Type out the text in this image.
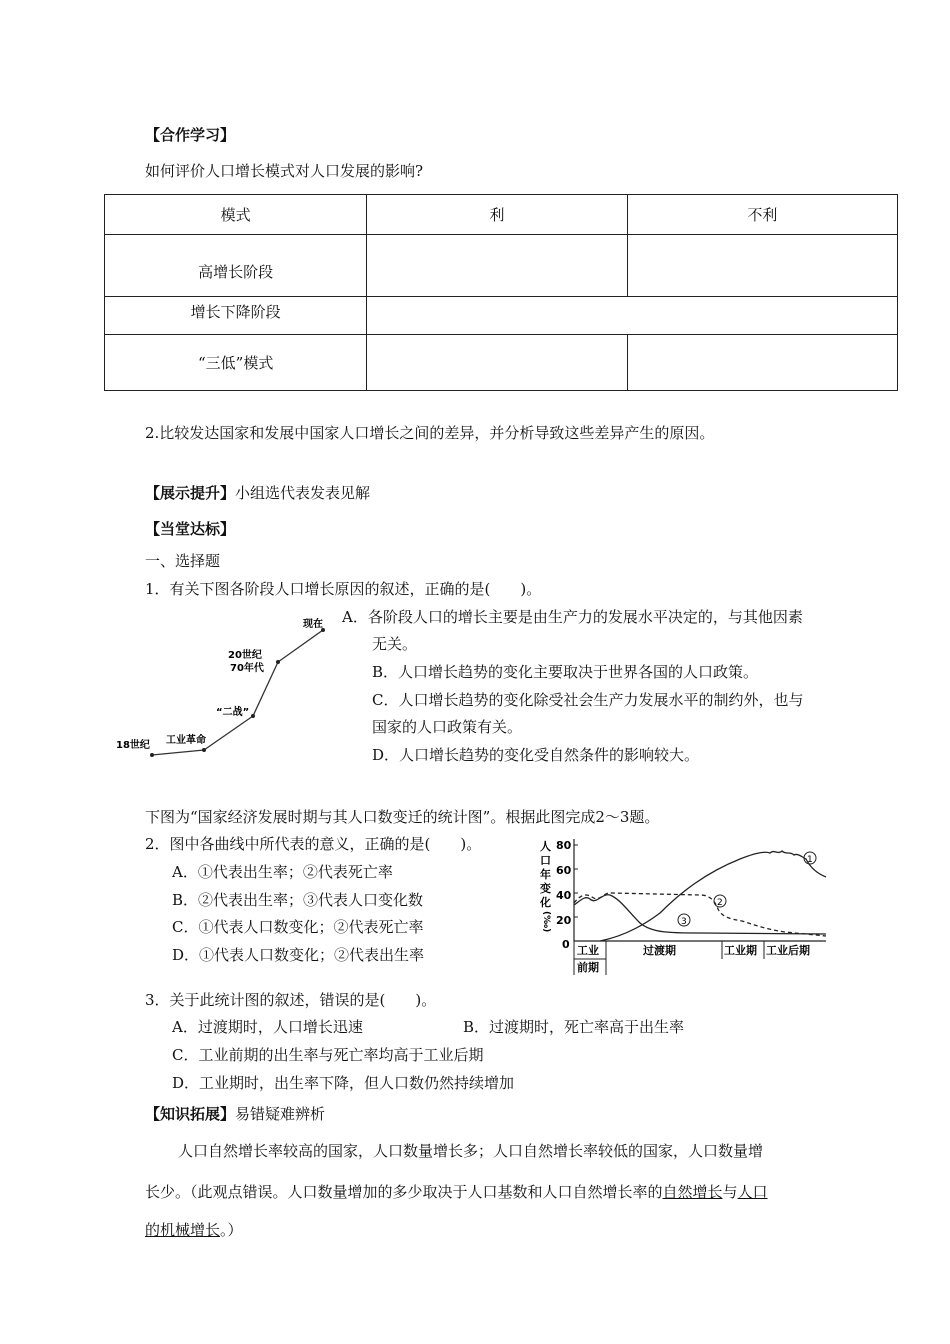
【合作学习】
如何评价人口增长模式对人口发展的影响?
模式	利	不利
高增长阶段		
增长下降阶段		
“三低”模式		
2.比较发达国家和发展中国家人口增长之间的差异，并分析导致这些差异产生的原因。
【展示提升】小组选代表发表见解
【当堂达标】
一、选择题
1．有关下图各阶段人口增长原因的叙述，正确的是(　　)。
现在
20世纪
70年代
“二战”
工业革命
18世纪
A．各阶段人口的增长主要是由生产力的发展水平决定的，与其他因素
无关。
B．人口增长趋势的变化主要取决于世界各国的人口政策。
C．人口增长趋势的变化除受社会生产力发展水平的制约外，也与
国家的人口政策有关。
D．人口增长趋势的变化受自然条件的影响较大。
下图为“国家经济发展时期与其人口数变迁的统计图”。根据此图完成2～3题。
2．图中各曲线中所代表的意义，正确的是(　　)。
A．①代表出生率；②代表死亡率
B．②代表出生率；③代表人口变化数
C．①代表人口数变化；②代表死亡率
D．①代表人口数变化；②代表出生率
人
口
年
变
化
(‰)
80
60
40
20
0
1
2
3
工业
前期
过渡期	工业期 工业后期
3．关于此统计图的叙述，错误的是(　　)。
A．过渡期时，人口增长迅速	B．过渡期时，死亡率高于出生率
C．工业前期的出生率与死亡率均高于工业后期
D．工业期时，出生率下降，但人口数仍然持续增加
【知识拓展】易错疑难辨析
人口自然增长率较高的国家，人口数量增长多；人口自然增长率较低的国家，人口数量增
长少。（此观点错误。人口数量增加的多少取决于人口基数和人口自然增长率的自然增长与人口
的机械增长。）
